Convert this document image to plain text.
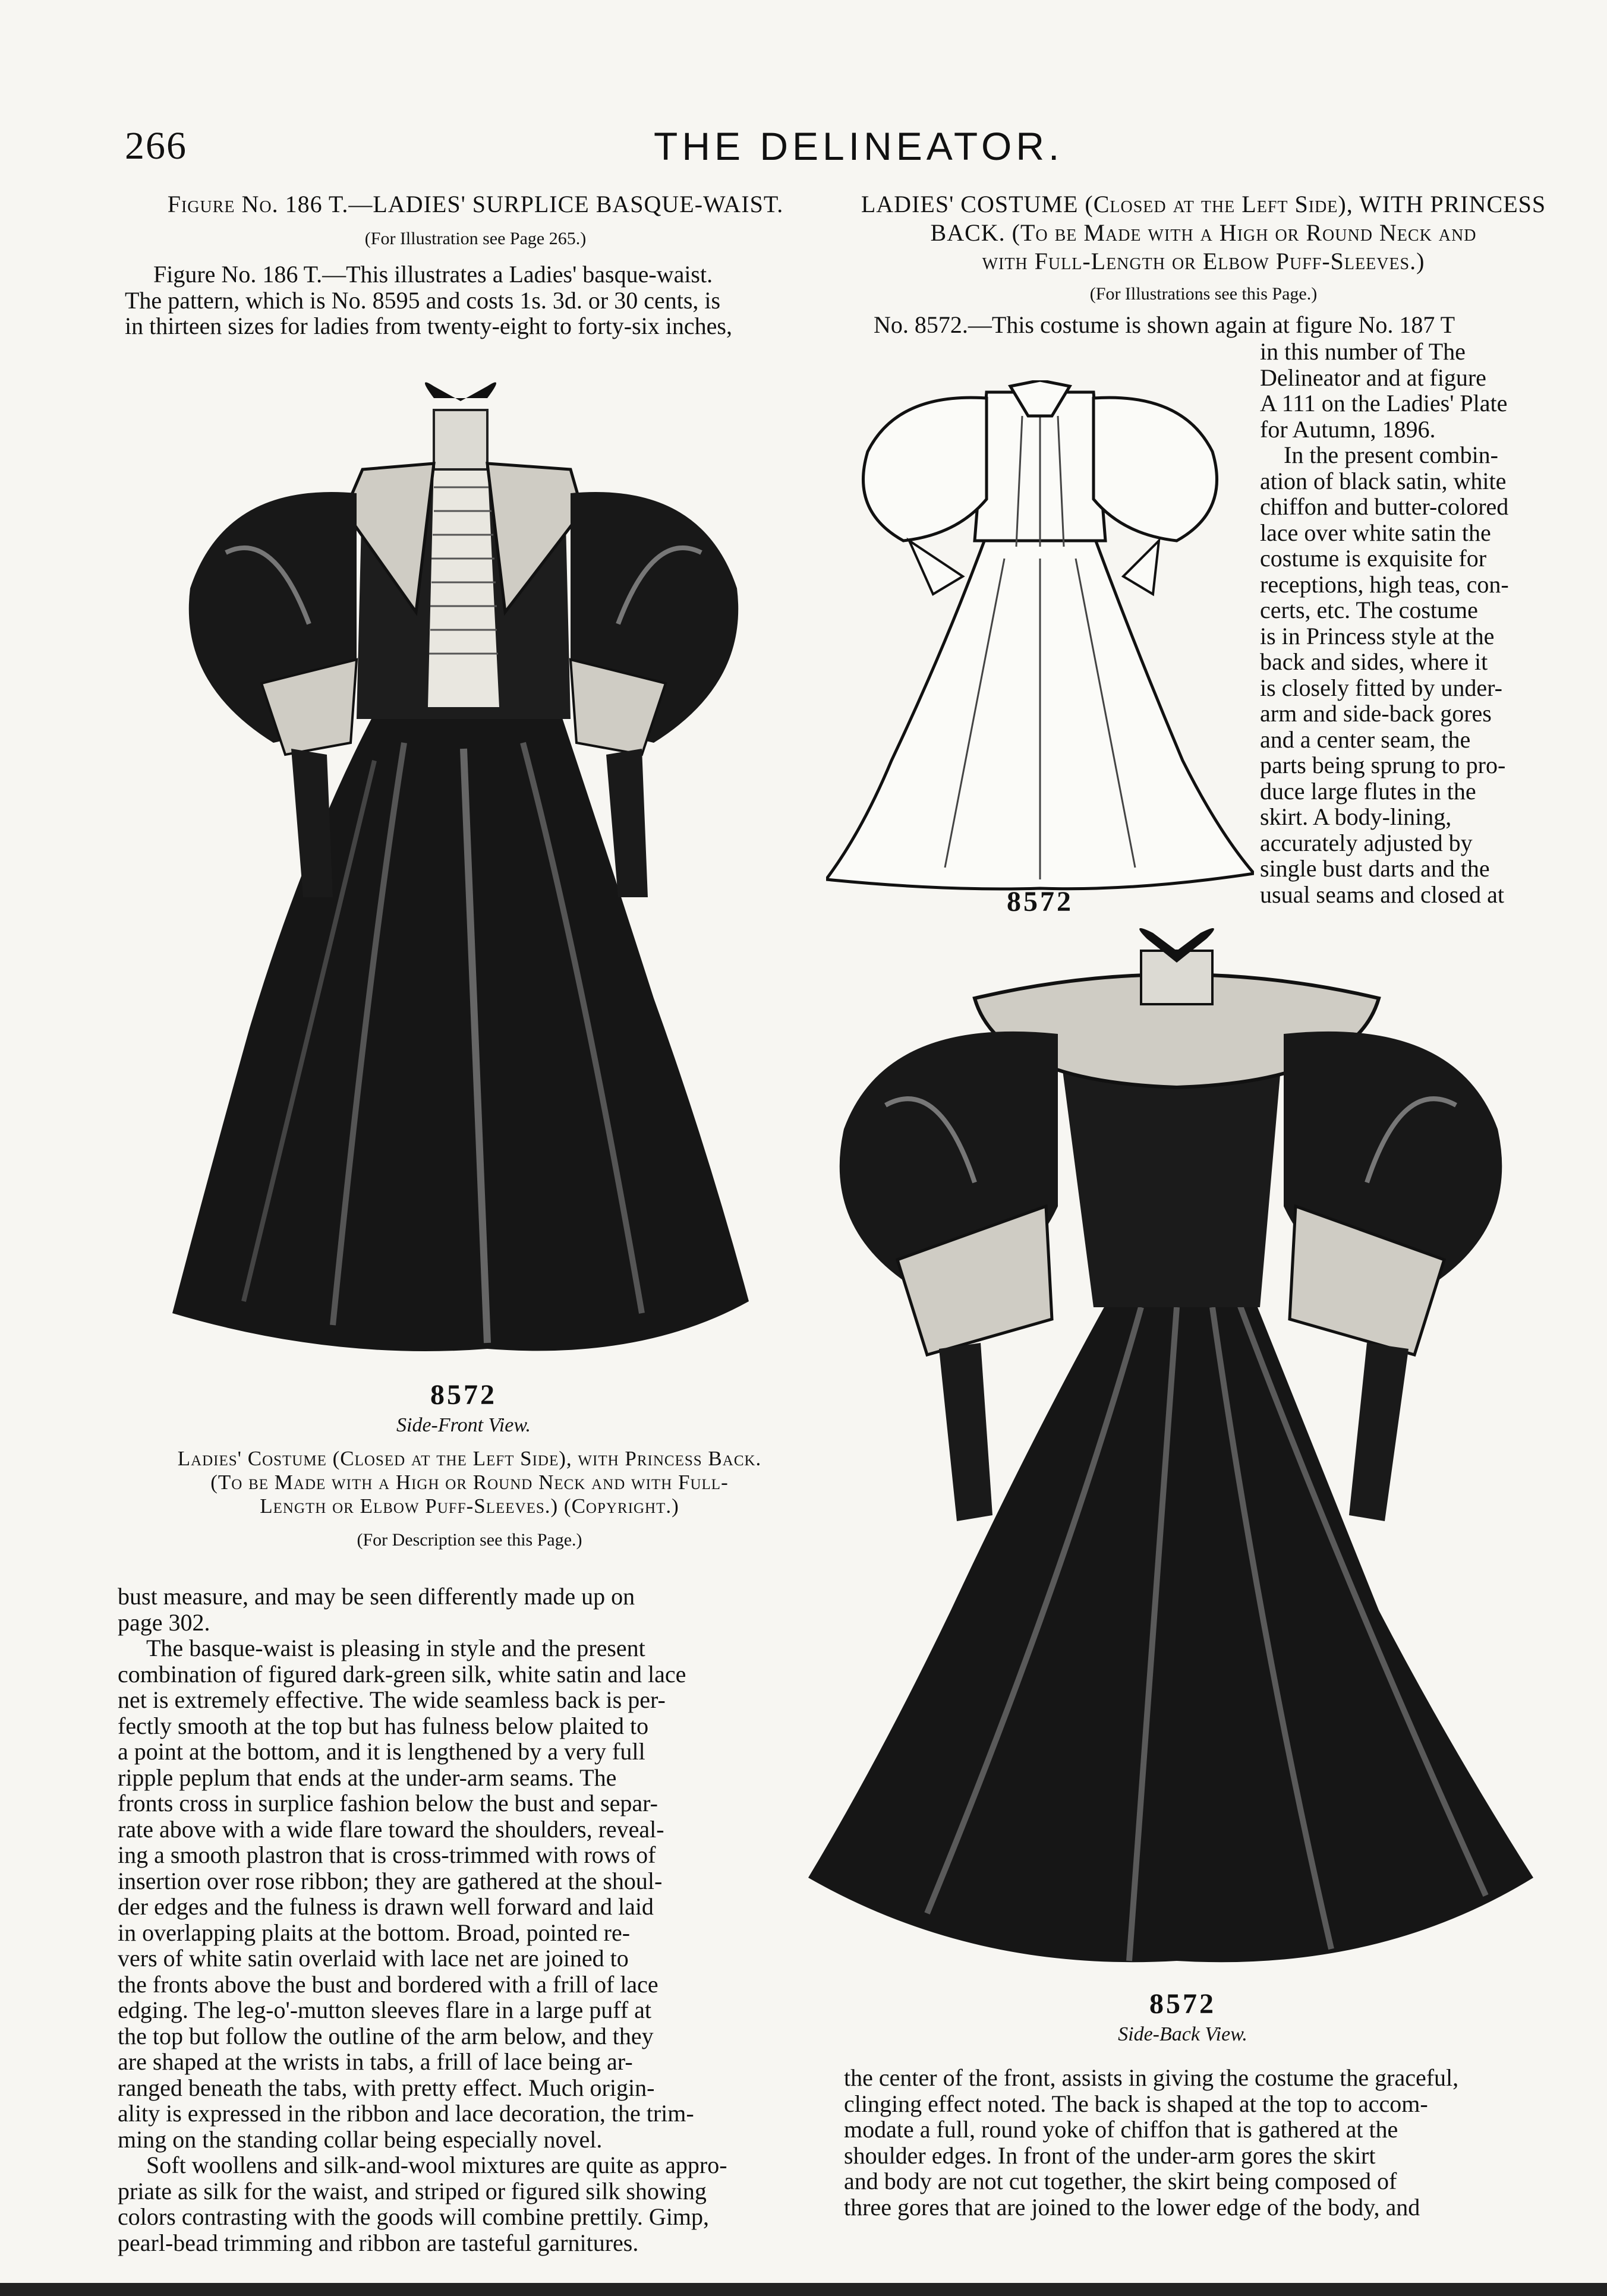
266	THE DELINEATOR.
Figure No. 186 T.—LADIES' SURPLICE BASQUE-WAIST.
(For Illustration see Page 265.)

Figure No. 186 T.—This illustrates a Ladies' basque-waist.

The pattern, which is No. 8595 and costs 1s. 3d. or 30 cents, is

in thirteen sizes for ladies from twenty-eight to forty-six inches,

LADIES' COSTUME (Closed at the Left Side), WITH PRINCESS
BACK. (To be Made with a High or Round Neck and
with Full-Length or Elbow Puff-Sleeves.)
(For Illustrations see this Page.)
No. 8572.—This costume is shown again at figure No. 187 T
in this number of The
Delineator and at figure
A 111 on the Ladies' Plate
for Autumn, 1896.
In the present combin-
ation of black satin, white
chiffon and butter-colored
lace over white satin the
costume is exquisite for
receptions, high teas, con-
certs, etc. The costume
is in Princess style at the
back and sides, where it
is closely fitted by under-
arm and side-back gores
and a center seam, the
parts being sprung to pro-
duce large flutes in the
skirt. A body-lining,
accurately adjusted by
single bust darts and the
usual seams and closed at
8572
8572
Side-Front View.
8572
Side-Back View.
Ladies' Costume (Closed at the Left Side), with Princess Back.
(To be Made with a High or Round Neck and with Full-
Length or Elbow Puff-Sleeves.) (Copyright.)
(For Description see this Page.)

bust measure, and may be seen differently made up on

page 302.

The basque-waist is pleasing in style and the present

combination of figured dark-green silk, white satin and lace

net is extremely effective. The wide seamless back is per-

fectly smooth at the top but has fulness below plaited to

a point at the bottom, and it is lengthened by a very full

ripple peplum that ends at the under-arm seams. The

fronts cross in surplice fashion below the bust and separ-

rate above with a wide flare toward the shoulders, reveal-

ing a smooth plastron that is cross-trimmed with rows of

insertion over rose ribbon; they are gathered at the shoul-

der edges and the fulness is drawn well forward and laid

in overlapping plaits at the bottom. Broad, pointed re-

vers of white satin overlaid with lace net are joined to

the fronts above the bust and bordered with a frill of lace

edging. The leg-o'-mutton sleeves flare in a large puff at

the top but follow the outline of the arm below, and they

are shaped at the wrists in tabs, a frill of lace being ar-

ranged beneath the tabs, with pretty effect. Much origin-

ality is expressed in the ribbon and lace decoration, the trim-

ming on the standing collar being especially novel.

Soft woollens and silk-and-wool mixtures are quite as appro-

priate as silk for the waist, and striped or figured silk showing

colors contrasting with the goods will combine prettily. Gimp,

pearl-bead trimming and ribbon are tasteful garnitures.

the center of the front, assists in giving the costume the graceful,

clinging effect noted. The back is shaped at the top to accom-

modate a full, round yoke of chiffon that is gathered at the

shoulder edges. In front of the under-arm gores the skirt

and body are not cut together, the skirt being composed of

three gores that are joined to the lower edge of the body, and
